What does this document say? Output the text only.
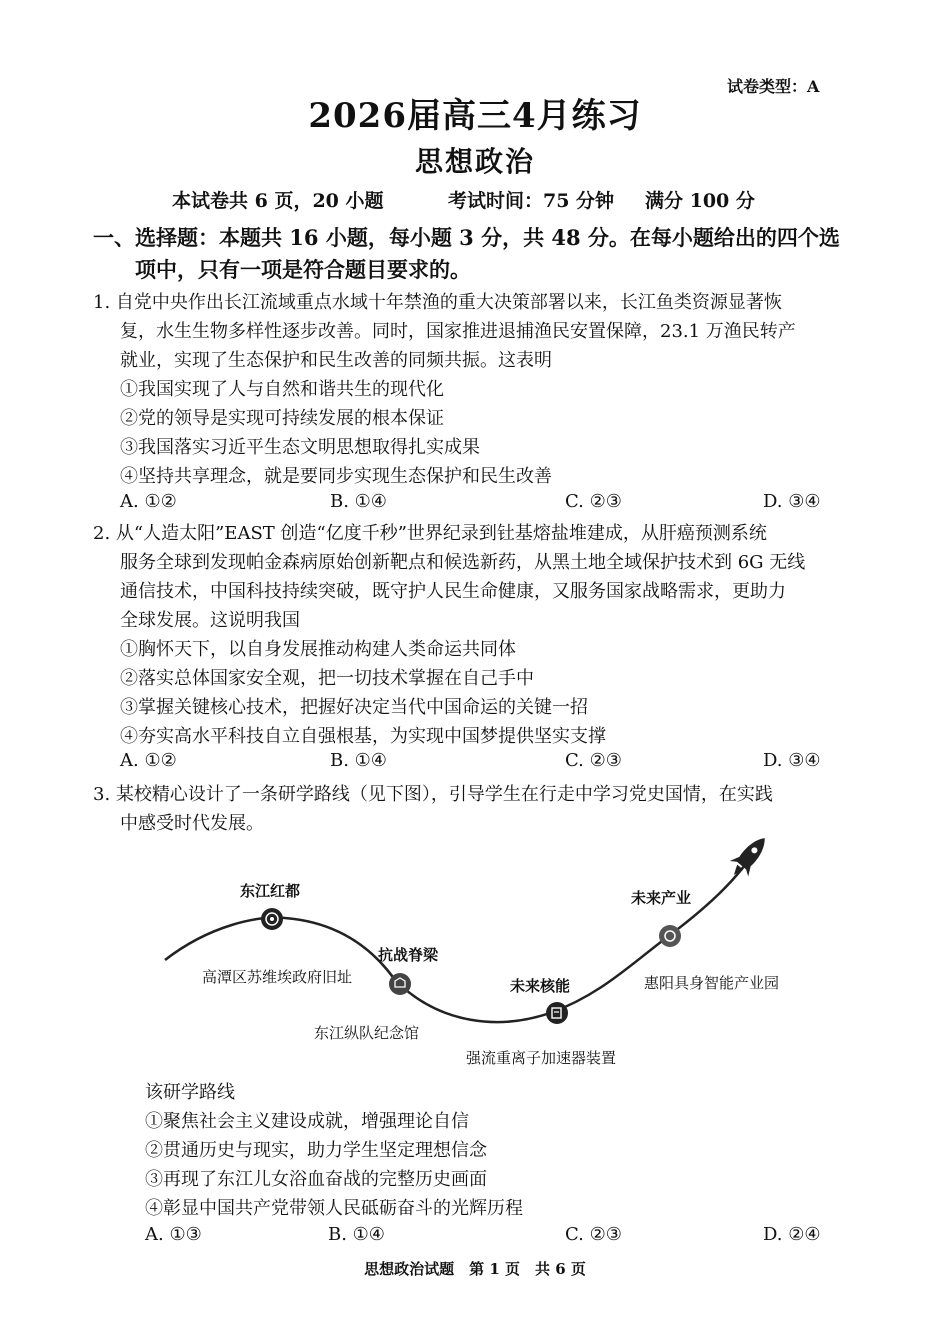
试卷类型：A
2026届高三4月练习
思想政治
本试卷共 6 页，20 小题	考试时间：75 分钟 满分 100 分
一、选择题：本题共 16 小题，每小题 3 分，共 48 分。在每小题给出的四个选
项中，只有一项是符合题目要求的。
1. 自党中央作出长江流域重点水域十年禁渔的重大决策部署以来，长江鱼类资源显著恢
复，水生生物多样性逐步改善。同时，国家推进退捕渔民安置保障，23.1 万渔民转产
就业，实现了生态保护和民生改善的同频共振。这表明
①我国实现了人与自然和谐共生的现代化
②党的领导是实现可持续发展的根本保证
③我国落实习近平生态文明思想取得扎实成果
④坚持共享理念，就是要同步实现生态保护和民生改善
A. ①②	B. ①④	C. ②③	D. ③④
2. 从“人造太阳”EAST 创造“亿度千秒”世界纪录到钍基熔盐堆建成，从肝癌预测系统
服务全球到发现帕金森病原始创新靶点和候选新药，从黑土地全域保护技术到 6G 无线
通信技术，中国科技持续突破，既守护人民生命健康，又服务国家战略需求，更助力
全球发展。这说明我国
①胸怀天下，以自身发展推动构建人类命运共同体
②落实总体国家安全观，把一切技术掌握在自己手中
③掌握关键核心技术，把握好决定当代中国命运的关键一招
④夯实高水平科技自立自强根基，为实现中国梦提供坚实支撑
A. ①②	B. ①④	C. ②③	D. ③④
3. 某校精心设计了一条研学路线（见下图），引导学生在行走中学习党史国情，在实践
中感受时代发展。
东江红都
高潭区苏维埃政府旧址
抗战脊梁
东江纵队纪念馆
未来核能
强流重离子加速器装置
未来产业
惠阳具身智能产业园
该研学路线
①聚焦社会主义建设成就，增强理论自信
②贯通历史与现实，助力学生坚定理想信念
③再现了东江儿女浴血奋战的完整历史画面
④彰显中国共产党带领人民砥砺奋斗的光辉历程
A. ①③	B. ①④	C. ②③	D. ②④
思想政治试题　第 1 页　共 6 页
